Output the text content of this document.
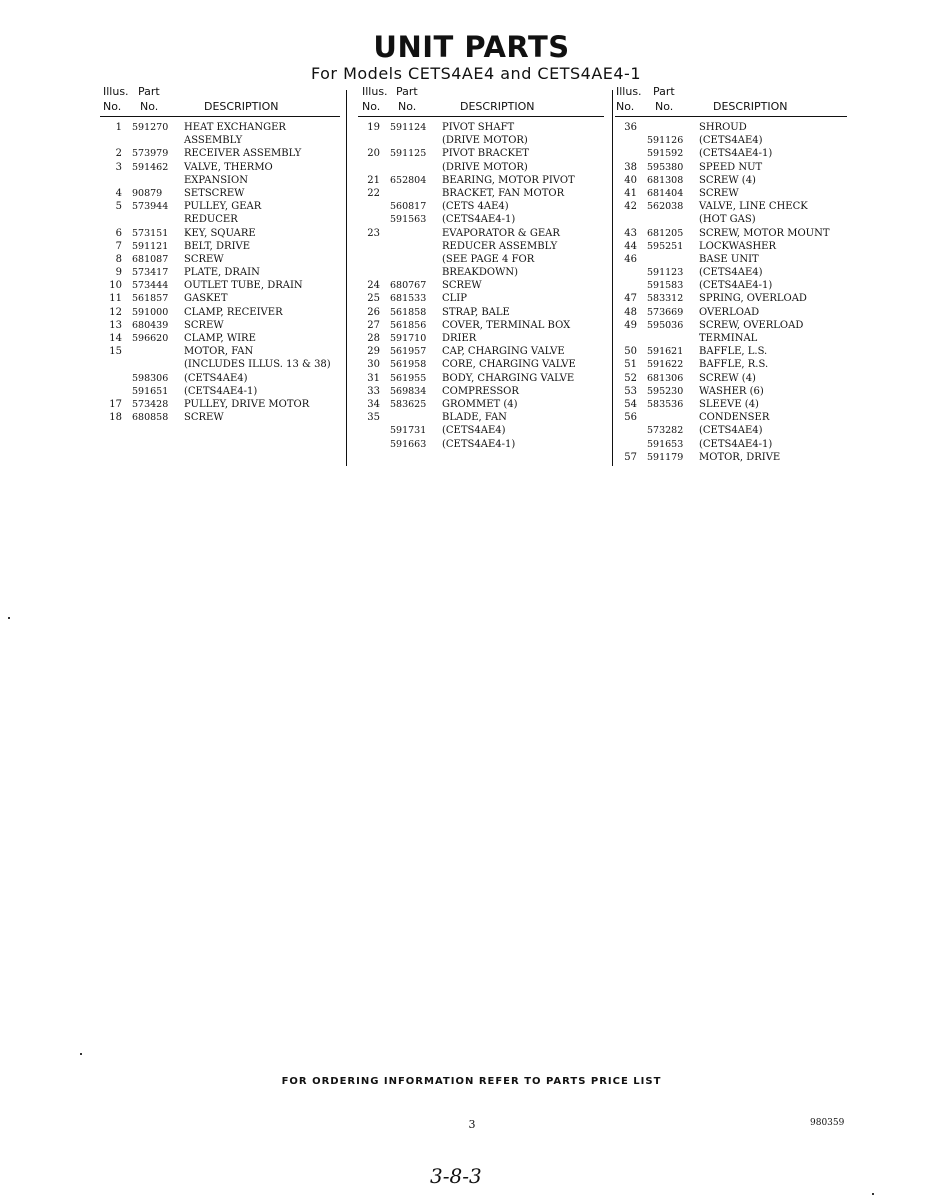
UNIT PARTS
For Models CETS4AE4 and CETS4AE4-1
Illus. Part
No. No.	DESCRIPTION
1 591270 HEAT EXCHANGER
ASSEMBLY
2 573979 RECEIVER ASSEMBLY
3 591462 VALVE, THERMO
EXPANSION
4 90879 SETSCREW
5 573944 PULLEY, GEAR
REDUCER
6 573151 KEY, SQUARE
7 591121 BELT, DRIVE
8 681087 SCREW
9 573417 PLATE, DRAIN
10 573444 OUTLET TUBE, DRAIN
11 561857 GASKET
12 591000 CLAMP, RECEIVER
13 680439 SCREW
14 596620 CLAMP, WIRE
15	MOTOR, FAN
(INCLUDES ILLUS. 13 & 38)
598306 (CETS4AE4)
591651 (CETS4AE4-1)
17 573428 PULLEY, DRIVE MOTOR
18 680858 SCREW
Illus. Part
No. No.	DESCRIPTION
19 591124 PIVOT SHAFT
(DRIVE MOTOR)
20 591125 PIVOT BRACKET
(DRIVE MOTOR)
21 652804 BEARING, MOTOR PIVOT
22	BRACKET, FAN MOTOR
560817 (CETS 4AE4)
591563 (CETS4AE4-1)
23	EVAPORATOR & GEAR
REDUCER ASSEMBLY
(SEE PAGE 4 FOR
BREAKDOWN)
24 680767 SCREW
25 681533 CLIP
26 561858 STRAP, BALE
27 561856 COVER, TERMINAL BOX
28 591710 DRIER
29 561957 CAP, CHARGING VALVE
30 561958 CORE, CHARGING VALVE
31 561955 BODY, CHARGING VALVE
33 569834 COMPRESSOR
34 583625 GROMMET (4)
35	BLADE, FAN
591731 (CETS4AE4)
591663 (CETS4AE4-1)
Illus. Part
No. No.	DESCRIPTION
36	SHROUD
591126 (CETS4AE4)
591592 (CETS4AE4-1)
38 595380 SPEED NUT
40 681308 SCREW (4)
41 681404 SCREW
42 562038 VALVE, LINE CHECK
(HOT GAS)
43 681205 SCREW, MOTOR MOUNT
44 595251 LOCKWASHER
46	BASE UNIT
591123 (CETS4AE4)
591583 (CETS4AE4-1)
47 583312 SPRING, OVERLOAD
48 573669 OVERLOAD
49 595036 SCREW, OVERLOAD
TERMINAL
50 591621 BAFFLE, L.S.
51 591622 BAFFLE, R.S.
52 681306 SCREW (4)
53 595230 WASHER (6)
54 583536 SLEEVE (4)
56	CONDENSER
573282 (CETS4AE4)
591653 (CETS4AE4-1)
57 591179 MOTOR, DRIVE
FOR ORDERING INFORMATION REFER TO PARTS PRICE LIST
3	980359
3-8-3
